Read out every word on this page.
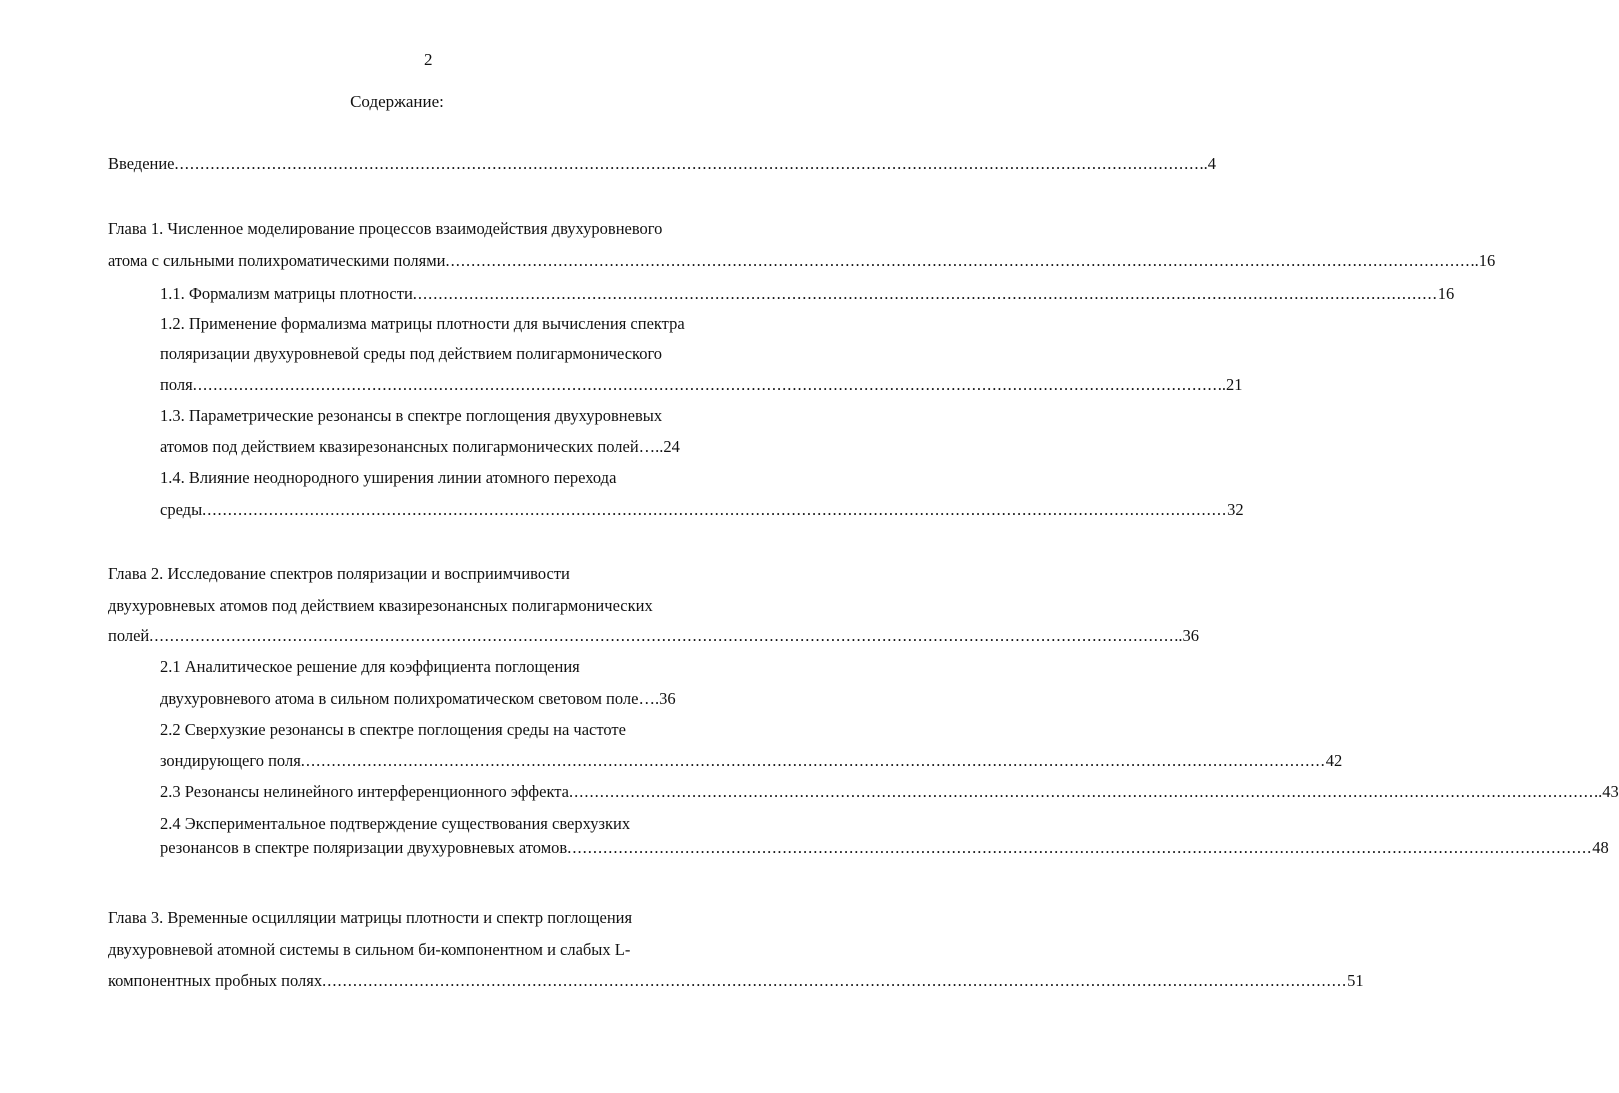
2
Содержание:
Введение ........................................................................................................................................................................................................ ..4
Глава 1. Численное моделирование процессов взаимодействия двухуровневого
атома с сильными полихроматическими полями ........................................................................................................................................................................................................ ..16
1.1. Формализм матрицы плотности ........................................................................................................................................................................................................ 16
1.2. Применение формализма матрицы плотности для вычисления спектра
поляризации двухуровневой среды под действием полигармонического
поля ........................................................................................................................................................................................................ ..21
1.3. Параметрические резонансы в спектре поглощения двухуровневых
атомов под действием квазирезонансных полигармонических полей…..24
1.4. Влияние неоднородного уширения линии атомного перехода
среды ........................................................................................................................................................................................................ 32
Глава 2. Исследование спектров поляризации и восприимчивости
двухуровневых атомов под действием квазирезонансных полигармонических
полей ........................................................................................................................................................................................................ ..36
2.1 Аналитическое решение для коэффициента поглощения
двухуровневого атома в сильном полихроматическом световом поле….36
2.2 Сверхузкие резонансы в спектре поглощения среды на частоте
зондирующего поля ........................................................................................................................................................................................................ 42
2.3 Резонансы нелинейного интерференционного эффекта ........................................................................................................................................................................................................ ..43
2.4 Экспериментальное подтверждение существования сверхузких
резонансов в спектре поляризации двухуровневых атомов ........................................................................................................................................................................................................ 48
Глава 3. Временные осцилляции матрицы плотности и спектр поглощения
двухуровневой атомной системы в сильном би-компонентном и слабых L-
компонентных пробных полях ........................................................................................................................................................................................................ 51
